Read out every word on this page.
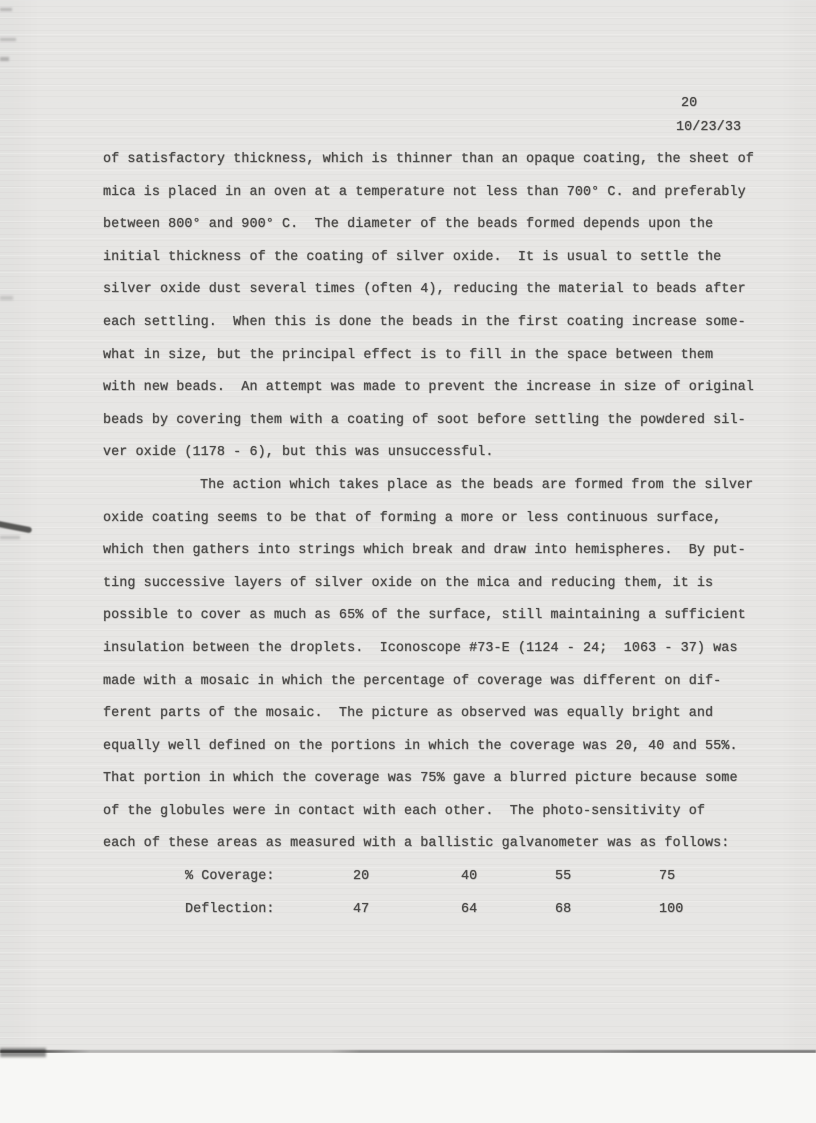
20
10/23/33
of satisfactory thickness, which is thinner than an opaque coating, the sheet of
mica is placed in an oven at a temperature not less than 700° C. and preferably
between 800° and 900° C.  The diameter of the beads formed depends upon the
initial thickness of the coating of silver oxide.  It is usual to settle the
silver oxide dust several times (often 4), reducing the material to beads after
each settling.  When this is done the beads in the first coating increase some-
what in size, but the principal effect is to fill in the space between them
with new beads.  An attempt was made to prevent the increase in size of original
beads by covering them with a coating of soot before settling the powdered sil-
ver oxide (1178 - 6), but this was unsuccessful.
The action which takes place as the beads are formed from the silver
oxide coating seems to be that of forming a more or less continuous surface,
which then gathers into strings which break and draw into hemispheres.  By put-
ting successive layers of silver oxide on the mica and reducing them, it is
possible to cover as much as 65% of the surface, still maintaining a sufficient
insulation between the droplets.  Iconoscope #73-E (1124 - 24;  1063 - 37) was
made with a mosaic in which the percentage of coverage was different on dif-
ferent parts of the mosaic.  The picture as observed was equally bright and
equally well defined on the portions in which the coverage was 20, 40 and 55%.
That portion in which the coverage was 75% gave a blurred picture because some
of the globules were in contact with each other.  The photo-sensitivity of
each of these areas as measured with a ballistic galvanometer was as follows:
% Coverage:	20	40	55	75
Deflection:	47	64	68	100
